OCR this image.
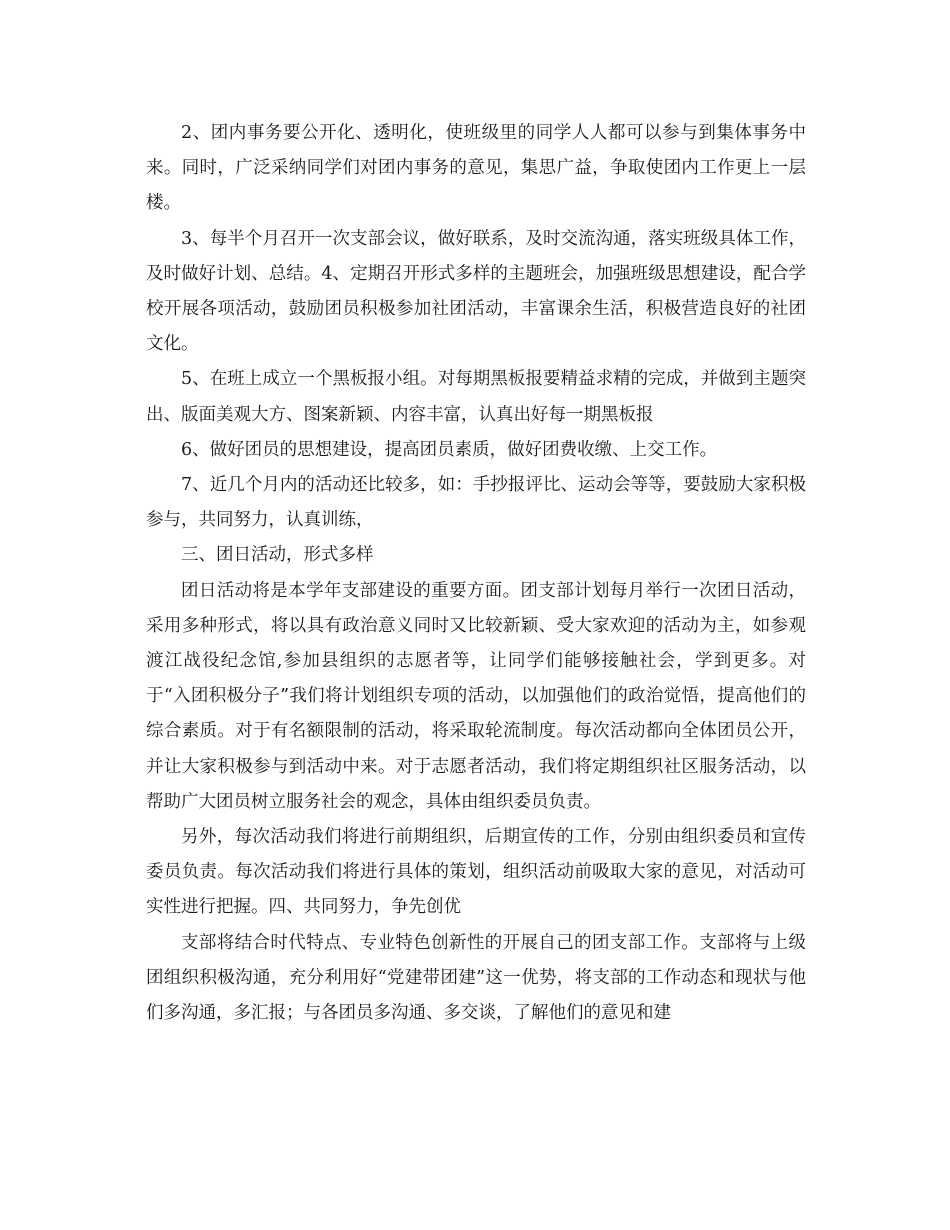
2、团内事务要公开化、透明化，使班级里的同学人人都可以参与到集体事务中来。同时，广泛采纳同学们对团内事务的意见，集思广益，争取使团内工作更上一层楼。

3、每半个月召开一次支部会议，做好联系，及时交流沟通，落实班级具体工作，及时做好计划、总结。4、定期召开形式多样的主题班会，加强班级思想建设，配合学校开展各项活动，鼓励团员积极参加社团活动，丰富课余生活，积极营造良好的社团文化。

5、在班上成立一个黑板报小组。对每期黑板报要精益求精的完成，并做到主题突出、版面美观大方、图案新颖、内容丰富，认真出好每一期黑板报

6、做好团员的思想建设，提高团员素质，做好团费收缴、上交工作。

7、近几个月内的活动还比较多，如：手抄报评比、运动会等等，要鼓励大家积极参与，共同努力，认真训练，

三、团日活动，形式多样

团日活动将是本学年支部建设的重要方面。团支部计划每月举行一次团日活动，采用多种形式，将以具有政治意义同时又比较新颖、受大家欢迎的活动为主，如参观渡江战役纪念馆,参加县组织的志愿者等，让同学们能够接触社会，学到更多。对于“入团积极分子”我们将计划组织专项的活动，以加强他们的政治觉悟，提高他们的综合素质。对于有名额限制的活动，将采取轮流制度。每次活动都向全体团员公开，并让大家积极参与到活动中来。对于志愿者活动，我们将定期组织社区服务活动，以帮助广大团员树立服务社会的观念，具体由组织委员负责。

另外，每次活动我们将进行前期组织，后期宣传的工作，分别由组织委员和宣传委员负责。每次活动我们将进行具体的策划，组织活动前吸取大家的意见，对活动可实性进行把握。四、共同努力，争先创优

支部将结合时代特点、专业特色创新性的开展自己的团支部工作。支部将与上级团组织积极沟通，充分利用好“党建带团建”这一优势，将支部的工作动态和现状与他们多沟通，多汇报；与各团员多沟通、多交谈，了解他们的意见和建
